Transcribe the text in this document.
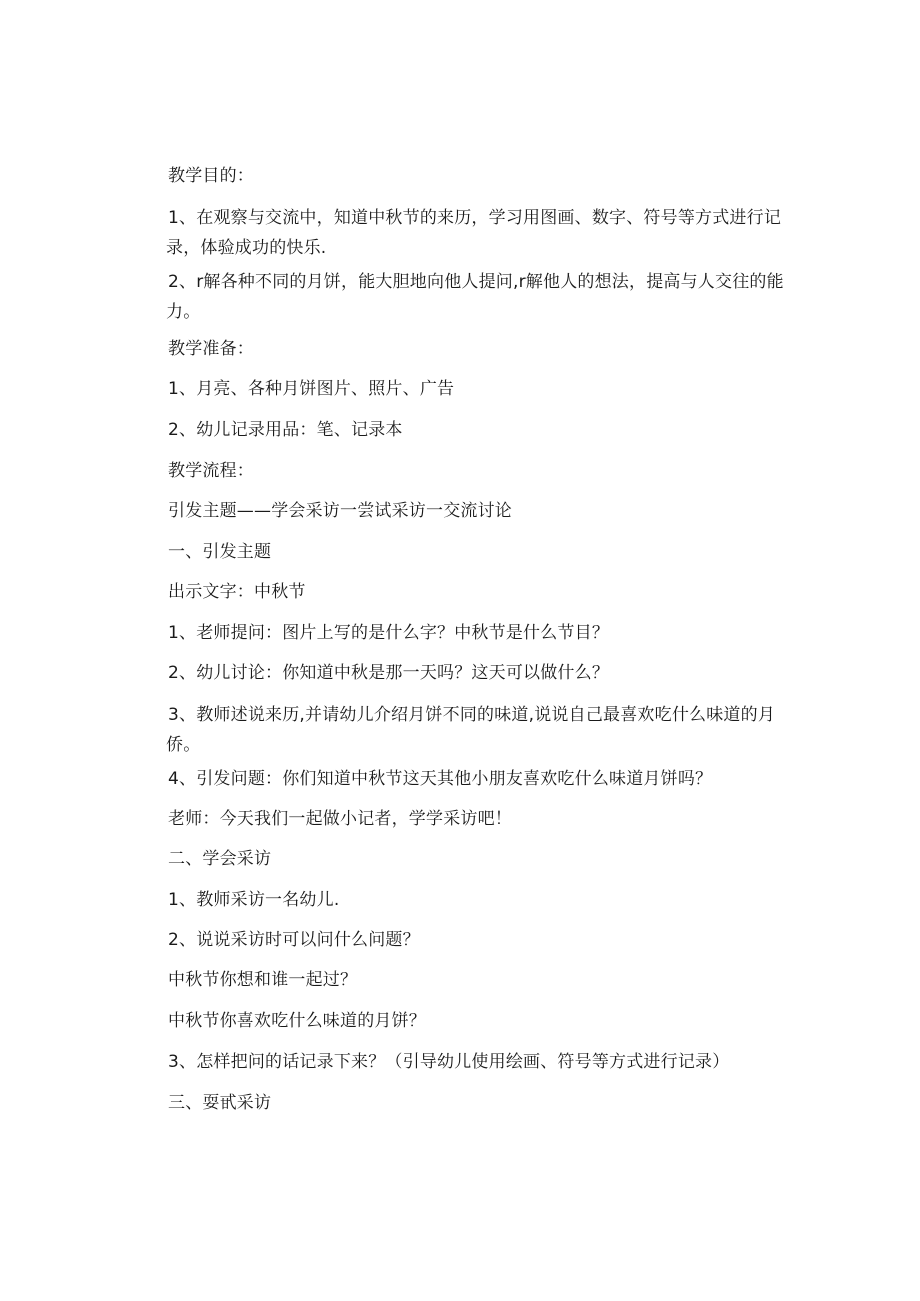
教学目的：
1、在观察与交流中，知道中秋节的来历，学习用图画、数字、符号等方式进行记
录，体验成功的快乐.
2、r解各种不同的月饼，能大胆地向他人提问,r解他人的想法，提高与人交往的能
力。
教学准备：
1、月亮、各种月饼图片、照片、广告
2、幼儿记录用品：笔、记录本
教学流程：
引发主题——学会采访一尝试采访一交流讨论
一、引发主题
出示文字：中秋节
1、老师提问：图片上写的是什么字？中秋节是什么节目？
2、幼儿讨论：你知道中秋是那一天吗？这天可以做什么？
3、教师述说来历,并请幼儿介绍月饼不同的味道,说说自己最喜欢吃什么味道的月
侨。
4、引发问题：你们知道中秋节这天其他小朋友喜欢吃什么味道月饼吗？
老师：今天我们一起做小记者，学学采访吧！
二、学会采访
1、教师采访一名幼儿.
2、说说采访时可以问什么问题？
中秋节你想和谁一起过？
中秋节你喜欢吃什么味道的月饼？
3、怎样把问的话记录下来？（引导幼儿使用绘画、符号等方式进行记录）
三、耍甙采访
